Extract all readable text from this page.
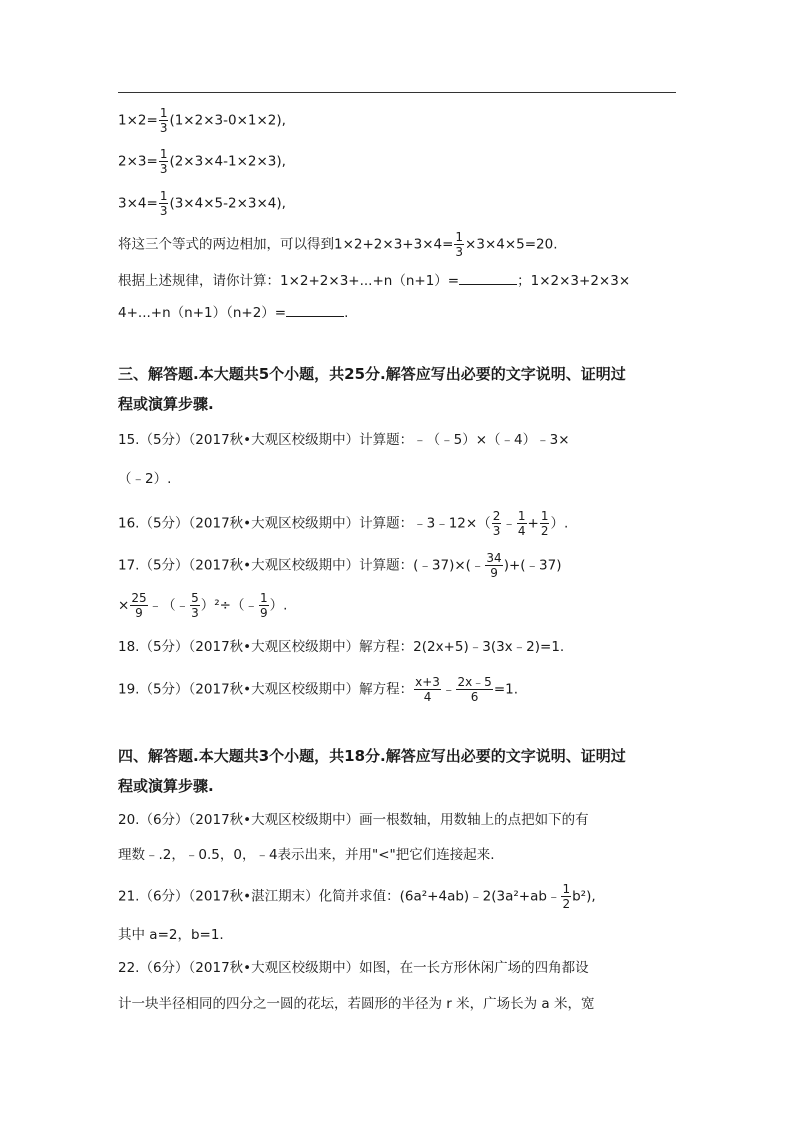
$1\times 2= \frac{1}{3} (1\times 2\times 3-0\times 1\times 2)$,
$2\times 3= \frac{1}{3} (2\times 3\times 4-1\times 2\times 3)$,
$3\times 4= \frac{1}{3} (3\times 4\times 5-2\times 3\times 4)$,
将这三个等式的两边相加，可以得到$1\times 2+2\times 3+3\times 4= \frac{1}{3} \times 3\times 4\times 5=20$.
根据上述规律，请你计算：1×2+2×3+...+n（n+1）=	；1×2×3+2×3×
4+...+n（n+1）（n+2）=	.
三、解答题.本大题共5个小题，共25分.解答应写出必要的文字说明、证明过
程或演算步骤.
15.（5分）（2017秋•大观区校级期中）计算题：﹣（﹣5）×（﹣4）﹣3×
（﹣2）.
16.（5分）（2017秋•大观区校级期中）计算题：﹣3﹣12×（ $\frac{2}{3}$ ﹣ $\frac{1}{4} + \frac{1}{2}$ ）.
17.（5分）（2017秋•大观区校级期中）计算题：(﹣37)×(﹣ $\frac{34}{9}$ )+(﹣37)
× $\frac{25}{9}$ ﹣（﹣ $\frac{5}{3}$ ）²÷（﹣ $\frac{1}{9}$ ）.
18.（5分）（2017秋•大观区校级期中）解方程：2(2x+5)﹣3(3x﹣2)=1.
19.（5分）（2017秋•大观区校级期中）解方程： $\frac{x+3}{4}$ ﹣ $\frac{2x﹣5}{6} =1$.
四、解答题.本大题共3个小题，共18分.解答应写出必要的文字说明、证明过
程或演算步骤.
20.（6分）（2017秋•大观区校级期中）画一根数轴，用数轴上的点把如下的有
理数﹣.2，﹣0.5，0，﹣4表示出来，并用"<"把它们连接起来.
21.（6分）（2017秋•湛江期末）化简并求值：(6a²+4ab)﹣2(3a²+ab﹣ $\frac{1}{2} b^2$),
其中 a=2，b=1.
22.（6分）（2017秋•大观区校级期中）如图，在一长方形休闲广场的四角都设
计一块半径相同的四分之一圆的花坛，若圆形的半径为 r 米，广场长为 a 米，宽
